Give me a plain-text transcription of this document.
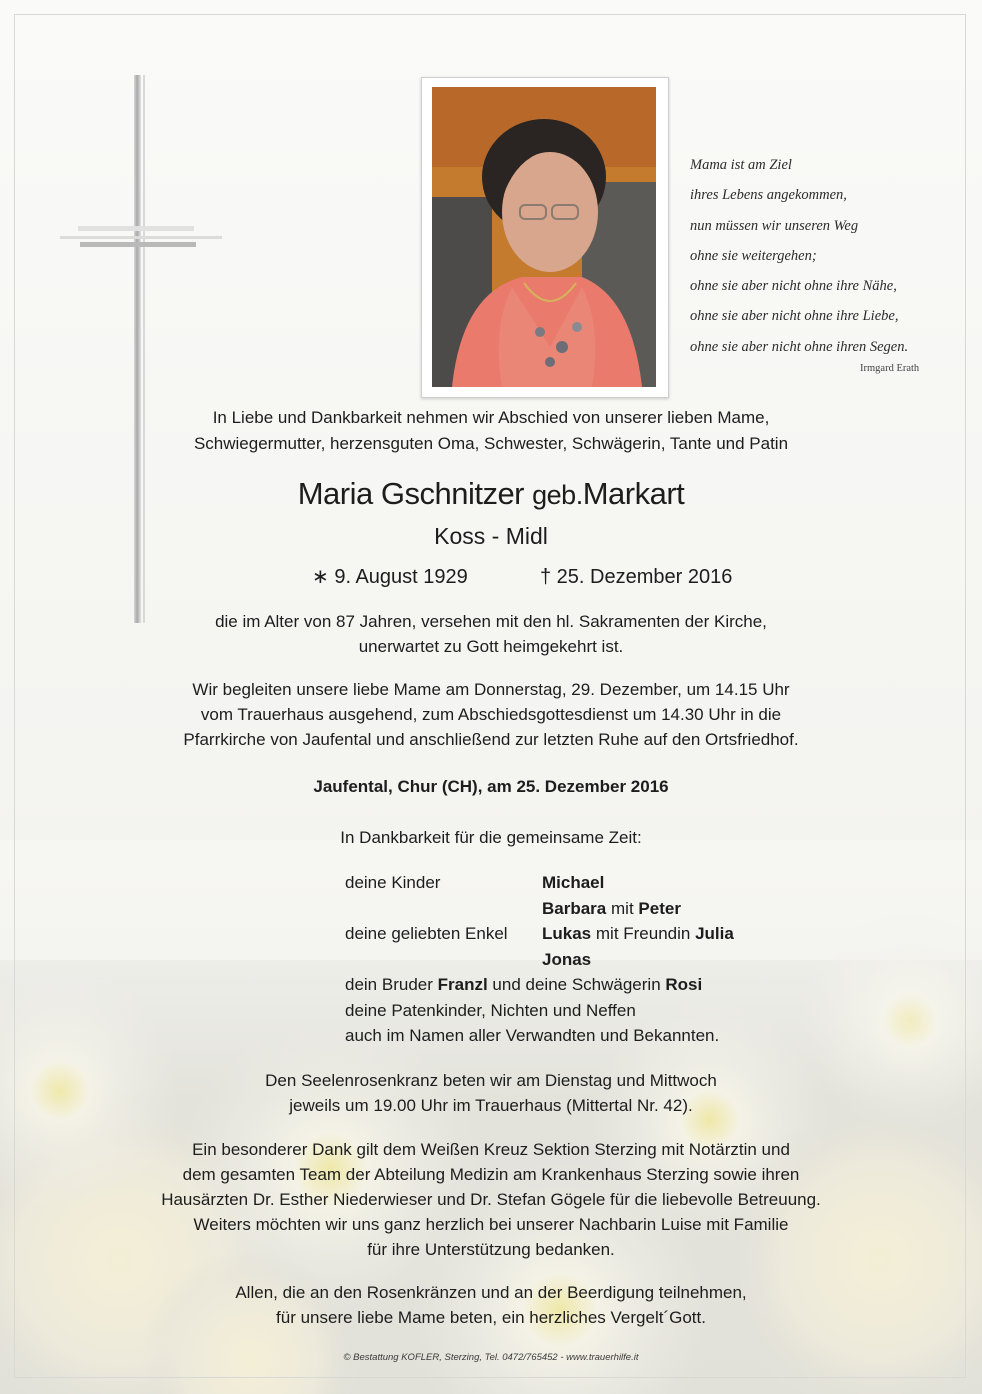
Mama ist am Ziel
ihres Lebens angekommen,
nun müssen wir unseren Weg
ohne sie weitergehen;
ohne sie aber nicht ohne ihre Nähe,
ohne sie aber nicht ohne ihre Liebe,
ohne sie aber nicht ohne ihren Segen.
Irmgard Erath
In Liebe und Dankbarkeit nehmen wir Abschied von unserer lieben Mame,
Schwiegermutter, herzensguten Oma, Schwester, Schwägerin, Tante und Patin
Maria Gschnitzer geb.Markart
Koss - Midl
∗ 9. August 1929	† 25. Dezember 2016
die im Alter von 87 Jahren, versehen mit den hl. Sakramenten der Kirche,
unerwartet zu Gott heimgekehrt ist.
Wir begleiten unsere liebe Mame am Donnerstag, 29. Dezember, um 14.15 Uhr
vom Trauerhaus ausgehend, zum Abschiedsgottesdienst um 14.30 Uhr in die
Pfarrkirche von Jaufental und anschließend zur letzten Ruhe auf den Ortsfriedhof.
Jaufental, Chur (CH), am 25. Dezember 2016
In Dankbarkeit für die gemeinsame Zeit:
deine Kinder	Michael
Barbara mit Peter
deine geliebten Enkel Lukas mit Freundin Julia
Jonas
dein Bruder Franzl und deine Schwägerin Rosi
deine Patenkinder, Nichten und Neffen
auch im Namen aller Verwandten und Bekannten.
Den Seelenrosenkranz beten wir am Dienstag und Mittwoch
jeweils um 19.00 Uhr im Trauerhaus (Mittertal Nr. 42).
Ein besonderer Dank gilt dem Weißen Kreuz Sektion Sterzing mit Notärztin und
dem gesamten Team der Abteilung Medizin am Krankenhaus Sterzing sowie ihren
Hausärzten Dr. Esther Niederwieser und Dr. Stefan Gögele für die liebevolle Betreuung.
Weiters möchten wir uns ganz herzlich bei unserer Nachbarin Luise mit Familie
für ihre Unterstützung bedanken.
Allen, die an den Rosenkränzen und an der Beerdigung teilnehmen,
für unsere liebe Mame beten, ein herzliches Vergelt´Gott.
© Bestattung KOFLER, Sterzing, Tel. 0472/765452 - www.trauerhilfe.it
